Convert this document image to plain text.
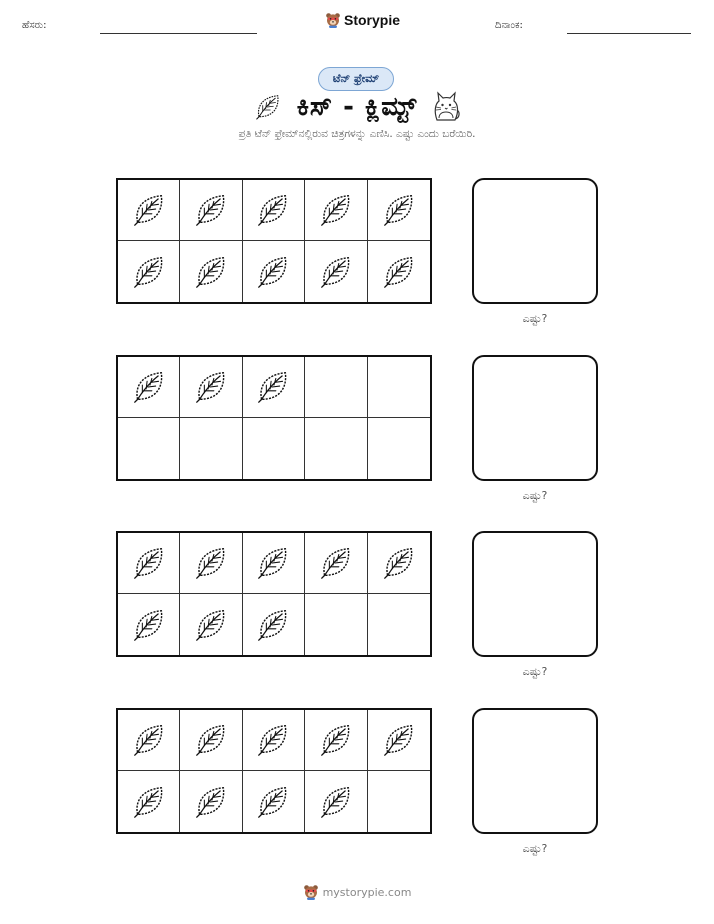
ಹೆಸರು:	Storypie	ದಿನಾಂಕ:
ಟೆನ್ ಫ್ರೇಮ್
ಕಿಸ್ - ಕ್ಲಿಮ್ಟ್
ಪ್ರತಿ ಟೆನ್ ಫ್ರೇಮ್‌ನಲ್ಲಿರುವ ಚಿತ್ರಗಳನ್ನು ಎಣಿಸಿ. ಎಷ್ಟು ಎಂದು ಬರೆಯಿರಿ.
ಎಷ್ಟು?
ಎಷ್ಟು?
ಎಷ್ಟು?
ಎಷ್ಟು?
mystorypie.com
